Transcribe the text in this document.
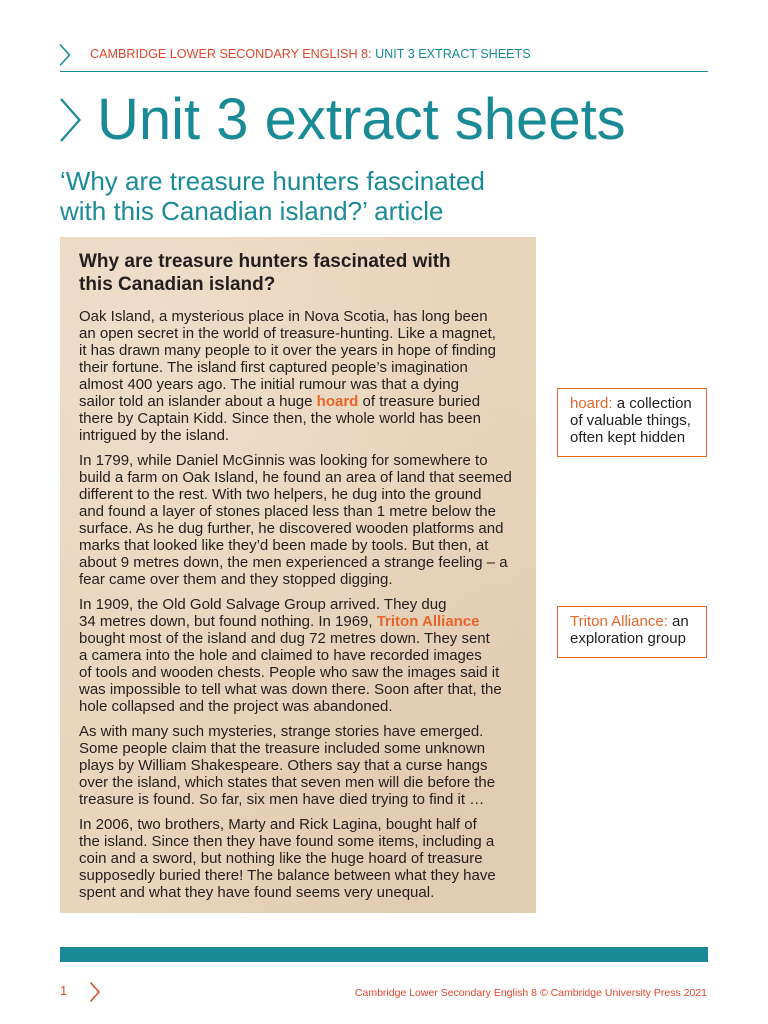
CAMBRIDGE LOWER SECONDARY ENGLISH 8: UNIT 3 EXTRACT SHEETS
Unit 3 extract sheets
‘Why are treasure hunters fascinated
with this Canadian island?’ article
Why are treasure hunters fascinated with
this Canadian island?

Oak Island, a mysterious place in Nova Scotia, has long been
an open secret in the world of treasure-hunting. Like a magnet,
it has drawn many people to it over the years in hope of finding
their fortune. The island first captured people’s imagination
almost 400 years ago. The initial rumour was that a dying
sailor told an islander about a huge hoard of treasure buried
there by Captain Kidd. Since then, the whole world has been
intrigued by the island.

In 1799, while Daniel McGinnis was looking for somewhere to
build a farm on Oak Island, he found an area of land that seemed
different to the rest. With two helpers, he dug into the ground
and found a layer of stones placed less than 1 metre below the
surface. As he dug further, he discovered wooden platforms and
marks that looked like they’d been made by tools. But then, at
about 9 metres down, the men experienced a strange feeling – a
fear came over them and they stopped digging.

In 1909, the Old Gold Salvage Group arrived. They dug
34 metres down, but found nothing. In 1969, Triton Alliance
bought most of the island and dug 72 metres down. They sent
a camera into the hole and claimed to have recorded images
of tools and wooden chests. People who saw the images said it
was impossible to tell what was down there. Soon after that, the
hole collapsed and the project was abandoned.

As with many such mysteries, strange stories have emerged.
Some people claim that the treasure included some unknown
plays by William Shakespeare. Others say that a curse hangs
over the island, which states that seven men will die before the
treasure is found. So far, six men have died trying to find it …

In 2006, two brothers, Marty and Rick Lagina, bought half of
the island. Since then they have found some items, including a
coin and a sword, but nothing like the huge hoard of treasure
supposedly buried there! The balance between what they have
spent and what they have found seems very unequal.

hoard: a collection
of valuable things,
often kept hidden
Triton Alliance: an
exploration group
1	Cambridge Lower Secondary English 8 © Cambridge University Press 2021
